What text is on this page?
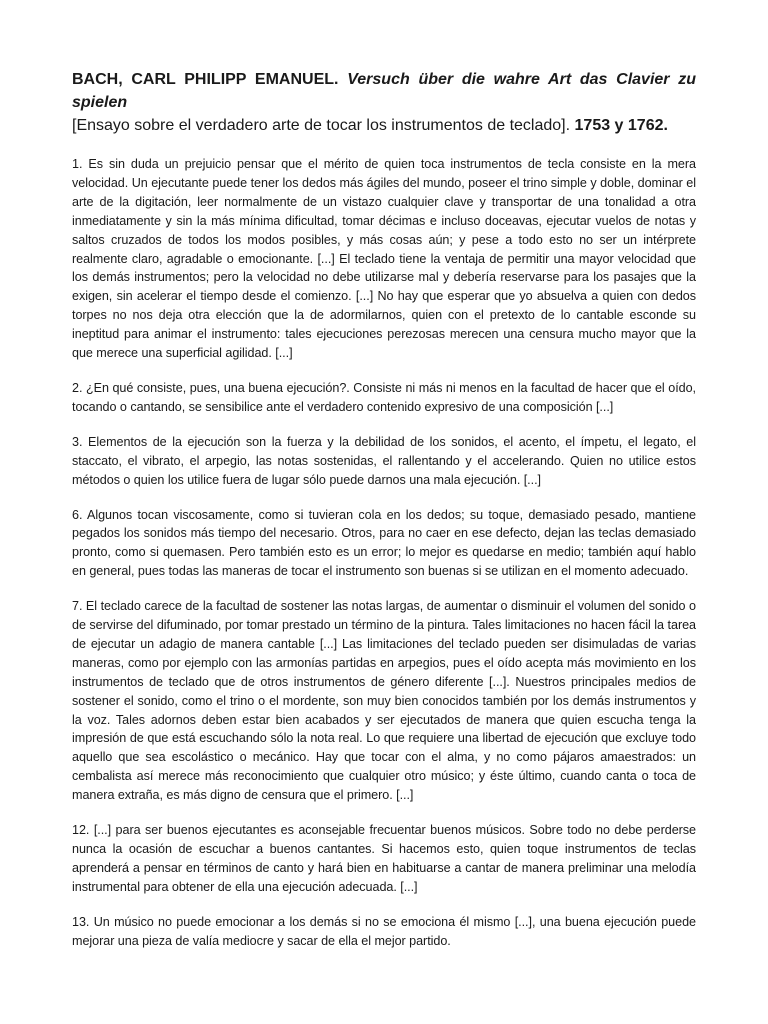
BACH, CARL PHILIPP EMANUEL. Versuch über die wahre Art das Clavier zu spielen
[Ensayo sobre el verdadero arte de tocar los instrumentos de teclado]. 1753 y 1762.

1. Es sin duda un prejuicio pensar que el mérito de quien toca instrumentos de tecla consiste en la mera velocidad. Un ejecutante puede tener los dedos más ágiles del mundo, poseer el trino simple y doble, dominar el arte de la digitación, leer normalmente de un vistazo cualquier clave y transportar de una tonalidad a otra inmediatamente y sin la más mínima dificultad, tomar décimas e incluso doceavas, ejecutar vuelos de notas y saltos cruzados de todos los modos posibles, y más cosas aún; y pese a todo esto no ser un intérprete realmente claro, agradable o emocionante. [...] El teclado tiene la ventaja de permitir una mayor velocidad que los demás instrumentos; pero la velocidad no debe utilizarse mal y debería reservarse para los pasajes que la exigen, sin acelerar el tiempo desde el comienzo. [...] No hay que esperar que yo absuelva a quien con dedos torpes no nos deja otra elección que la de adormilarnos, quien con el pretexto de lo cantable esconde su ineptitud para animar el instrumento: tales ejecuciones perezosas merecen una censura mucho mayor que la que merece una superficial agilidad. [...]

2. ¿En qué consiste, pues, una buena ejecución?. Consiste ni más ni menos en la facultad de hacer que el oído, tocando o cantando, se sensibilice ante el verdadero contenido expresivo de una composición [...]

3. Elementos de la ejecución son la fuerza y la debilidad de los sonidos, el acento, el ímpetu, el legato, el staccato, el vibrato, el arpegio, las notas sostenidas, el rallentando y el accelerando. Quien no utilice estos métodos o quien los utilice fuera de lugar sólo puede darnos una mala ejecución. [...]

6. Algunos tocan viscosamente, como si tuvieran cola en los dedos; su toque, demasiado pesado, mantiene pegados los sonidos más tiempo del necesario. Otros, para no caer en ese defecto, dejan las teclas demasiado pronto, como si quemasen. Pero también esto es un error; lo mejor es quedarse en medio; también aquí hablo en general, pues todas las maneras de tocar el instrumento son buenas si se utilizan en el momento adecuado.

7. El teclado carece de la facultad de sostener las notas largas, de aumentar o disminuir el volumen del sonido o de servirse del difuminado, por tomar prestado un término de la pintura. Tales limitaciones no hacen fácil la tarea de ejecutar un adagio de manera cantable [...] Las limitaciones del teclado pueden ser disimuladas de varias maneras, como por ejemplo con las armonías partidas en arpegios, pues el oído acepta más movimiento en los instrumentos de teclado que de otros instrumentos de género diferente [...]. Nuestros principales medios de sostener el sonido, como el trino o el mordente, son muy bien conocidos también por los demás instrumentos y la voz. Tales adornos deben estar bien acabados y ser ejecutados de manera que quien escucha tenga la impresión de que está escuchando sólo la nota real. Lo que requiere una libertad de ejecución que excluye todo aquello que sea escolástico o mecánico. Hay que tocar con el alma, y no como pájaros amaestrados: un cembalista así merece más reconocimiento que cualquier otro músico; y éste último, cuando canta o toca de manera extraña, es más digno de censura que el primero. [...]

12. [...] para ser buenos ejecutantes es aconsejable frecuentar buenos músicos. Sobre todo no debe perderse nunca la ocasión de escuchar a buenos cantantes. Si hacemos esto, quien toque instrumentos de teclas aprenderá a pensar en términos de canto y hará bien en habituarse a cantar de manera preliminar una melodía instrumental para obtener de ella una ejecución adecuada. [...]

13. Un músico no puede emocionar a los demás si no se emociona él mismo [...], una buena ejecución puede mejorar una pieza de valía mediocre y sacar de ella el mejor partido.
